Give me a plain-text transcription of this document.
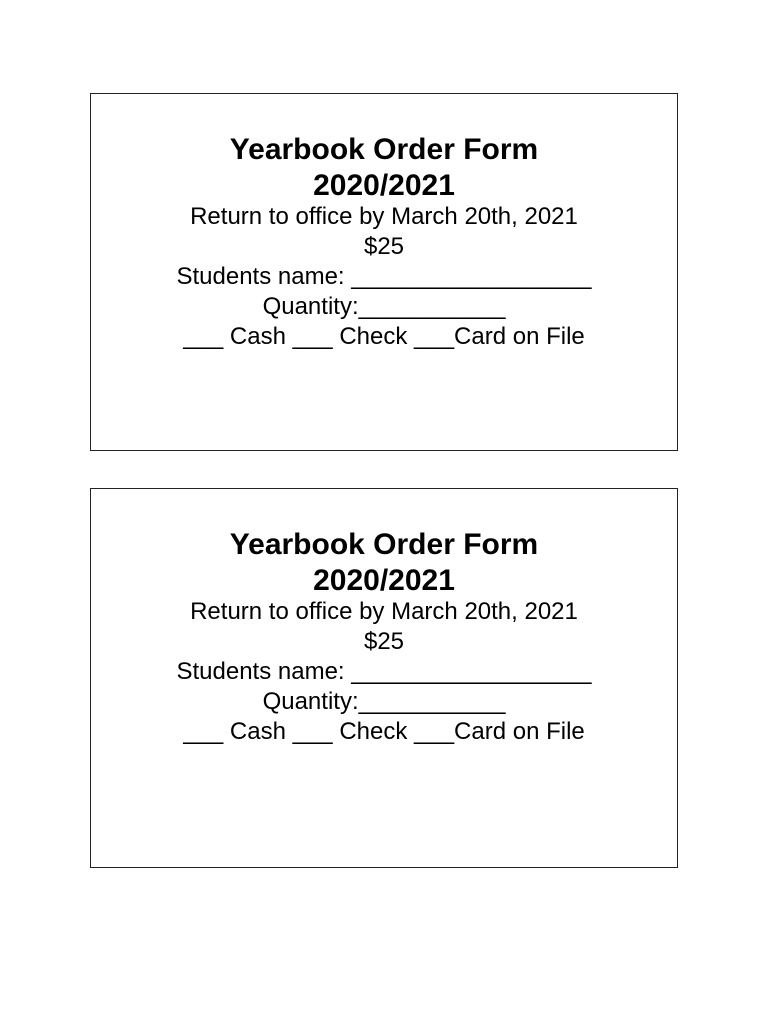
Yearbook Order Form
2020/2021
Return to office by March 20th, 2021
$25
Students name: __________________
Quantity:___________
___ Cash ___ Check ___Card on File
Yearbook Order Form
2020/2021
Return to office by March 20th, 2021
$25
Students name: __________________
Quantity:___________
___ Cash ___ Check ___Card on File
